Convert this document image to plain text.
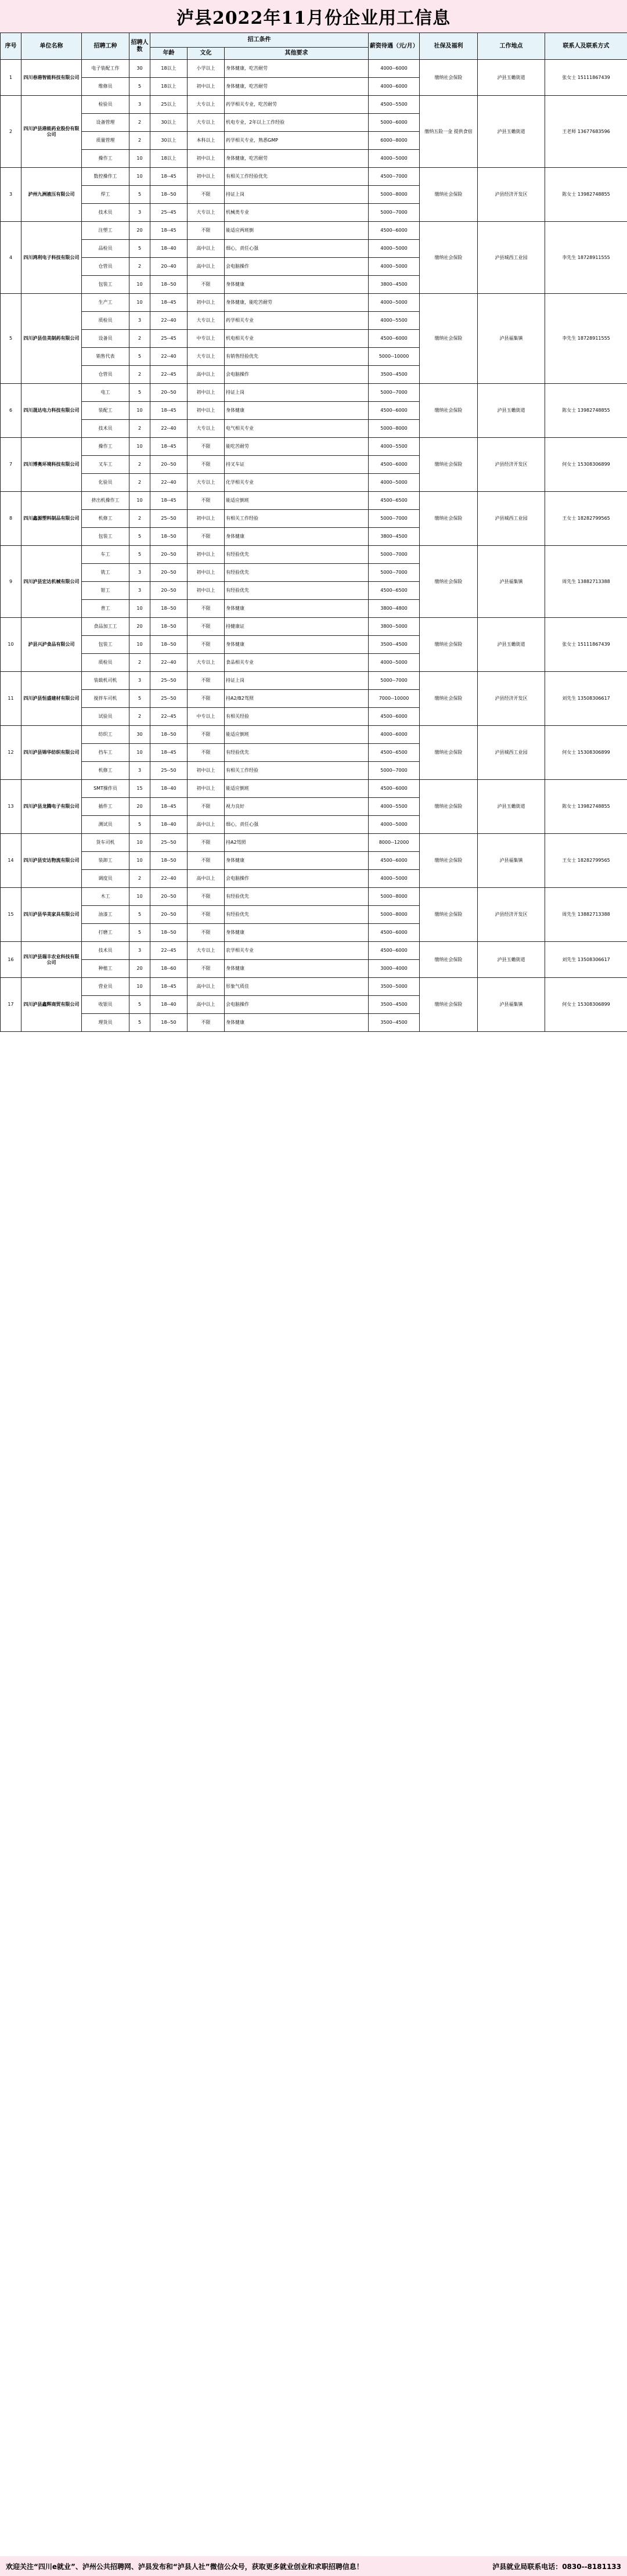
泸县2022年11月份企业用工信息
序号	单位名称	招聘工种	招聘人数	招工条件			薪资待遇（元/月）	社保及福利	工作地点	联系人及联系方式
				年龄	文化	其他要求				
1	四川春港智能科技有限公司	电子装配工作	30	18以上	小学以上	身体健康，吃苦耐劳	4000--6000	缴纳社会保险	泸县玉蟾街道	张女士 15111867439
		维修员	5	18以上	初中以上	身体健康，吃苦耐劳	4000--6000			
2	四川泸县港能药业股份有限公司	检验员	3	25以上	大专以上	药学相关专业，吃苦耐劳	4500--5500	缴纳五险一金 提供食宿	泸县玉蟾街道	王老师 13677683596
		设备管理	2	30以上	大专以上	机电专业，2年以上工作经验	5000--6000			
		质量管理	2	30以上	本科以上	药学相关专业，熟悉GMP	6000--8000			
		操作工	10	18以上	初中以上	身体健康，吃苦耐劳	4000--5000			
3	泸州九洲液压有限公司	数控操作工	10	18--45	初中以上	有相关工作经验优先	4500--7000	缴纳社会保险	泸县经济开发区	陈女士 13982748855
		焊工	5	18--50	不限	持证上岗	5000--8000			
		技术员	3	25--45	大专以上	机械类专业	5000--7000			
4	四川鸿利电子科技有限公司	注塑工	20	18--45	不限	能适应两班倒	4500--6000	缴纳社会保险	泸县城西工业园	李先生 18728911555
		品检员	5	18--40	高中以上	细心，责任心强	4000--5000			
		仓管员	2	20--40	高中以上	会电脑操作	4000--5000			
		包装工	10	18--50	不限	身体健康	3800--4500			
5	四川泸县佳美制药有限公司	生产工	10	18--45	初中以上	身体健康，能吃苦耐劳	4000--5000	缴纳社会保险	泸县福集镇	李先生 18728911555
		质检员	3	22--40	大专以上	药学相关专业	4000--5500			
		设备员	2	25--45	中专以上	机电相关专业	4500--6000			
		销售代表	5	22--40	大专以上	有销售经验优先	5000--10000			
		仓管员	2	22--45	高中以上	会电脑操作	3500--4500			
6	四川晟达电力科技有限公司	电工	5	20--50	初中以上	持证上岗	5000--7000	缴纳社会保险	泸县玉蟾街道	陈女士 13982748855
		装配工	10	18--45	初中以上	身体健康	4500--6000			
		技术员	2	22--40	大专以上	电气相关专业	5000--8000			
7	四川博奥环境科技有限公司	操作工	10	18--45	不限	能吃苦耐劳	4000--5500	缴纳社会保险	泸县经济开发区	何女士 15308306899
		叉车工	2	20--50	不限	持叉车证	4500--6000			
		化验员	2	22--40	大专以上	化学相关专业	4000--5000			
8	四川鑫源塑料制品有限公司	挤出机操作工	10	18--45	不限	能适应倒班	4500--6500	缴纳社会保险	泸县城西工业园	王女士 18282799565
		机修工	2	25--50	初中以上	有相关工作经验	5000--7000			
		包装工	5	18--50	不限	身体健康	3800--4500			
9	四川泸县宏达机械有限公司	车工	5	20--50	初中以上	有经验优先	5000--7000	缴纳社会保险	泸县福集镇	周先生 13882713388
		铣工	3	20--50	初中以上	有经验优先	5000--7000			
		钳工	3	20--50	初中以上	有经验优先	4500--6500			
		普工	10	18--50	不限	身体健康	3800--4800			
10	泸县兴泸食品有限公司	食品加工工	20	18--50	不限	持健康证	3800--5000	缴纳社会保险	泸县玉蟾街道	张女士 15111867439
		包装工	10	18--50	不限	身体健康	3500--4500			
		质检员	2	22--40	大专以上	食品相关专业	4000--5000			
11	四川泸县恒盛建材有限公司	装载机司机	3	25--50	不限	持证上岗	5000--7000	缴纳社会保险	泸县经济开发区	刘先生 13508306617
		搅拌车司机	5	25--50	不限	持A2/B2驾照	7000--10000			
		试验员	2	22--45	中专以上	有相关经验	4500--6000			
12	四川泸县锦华纺织有限公司	纺织工	30	18--50	不限	能适应倒班	4000--6000	缴纳社会保险	泸县城西工业园	何女士 15308306899
		挡车工	10	18--45	不限	有经验优先	4500--6500			
		机修工	3	25--50	初中以上	有相关工作经验	5000--7000			
13	四川泸县龙腾电子有限公司	SMT操作员	15	18--40	初中以上	能适应倒班	4500--6000	缴纳社会保险	泸县玉蟾街道	陈女士 13982748855
		插件工	20	18--45	不限	视力良好	4000--5500			
		测试员	5	18--40	高中以上	细心，责任心强	4000--5000			
14	四川泸县安达物流有限公司	货车司机	10	25--50	不限	持A2驾照	8000--12000	缴纳社会保险	泸县福集镇	王女士 18282799565
		装卸工	10	18--50	不限	身体健康	4500--6000			
		调度员	2	22--40	高中以上	会电脑操作	4000--5000			
15	四川泸县华美家具有限公司	木工	10	20--50	不限	有经验优先	5000--8000	缴纳社会保险	泸县经济开发区	周先生 13882713388
		油漆工	5	20--50	不限	有经验优先	5000--8000			
		打磨工	5	18--50	不限	身体健康	4500--6000			
16	四川泸县瑞丰农业科技有限公司	技术员	3	22--45	大专以上	农学相关专业	4500--6000	缴纳社会保险	泸县玉蟾街道	刘先生 13508306617
		种植工	20	18--60	不限	身体健康	3000--4000			
17	四川泸县鑫辉商贸有限公司	营业员	10	18--45	高中以上	形象气质佳	3500--5000	缴纳社会保险	泸县福集镇	何女士 15308306899
		收银员	5	18--40	高中以上	会电脑操作	3500--4500			
		理货员	5	18--50	不限	身体健康	3500--4500			
欢迎关注“四川e就业”、泸州公共招聘网、泸县发布和“泸县人社”微信公众号，获取更多就业创业和求职招聘信息！	泸县就业局联系电话：0830--8181133
